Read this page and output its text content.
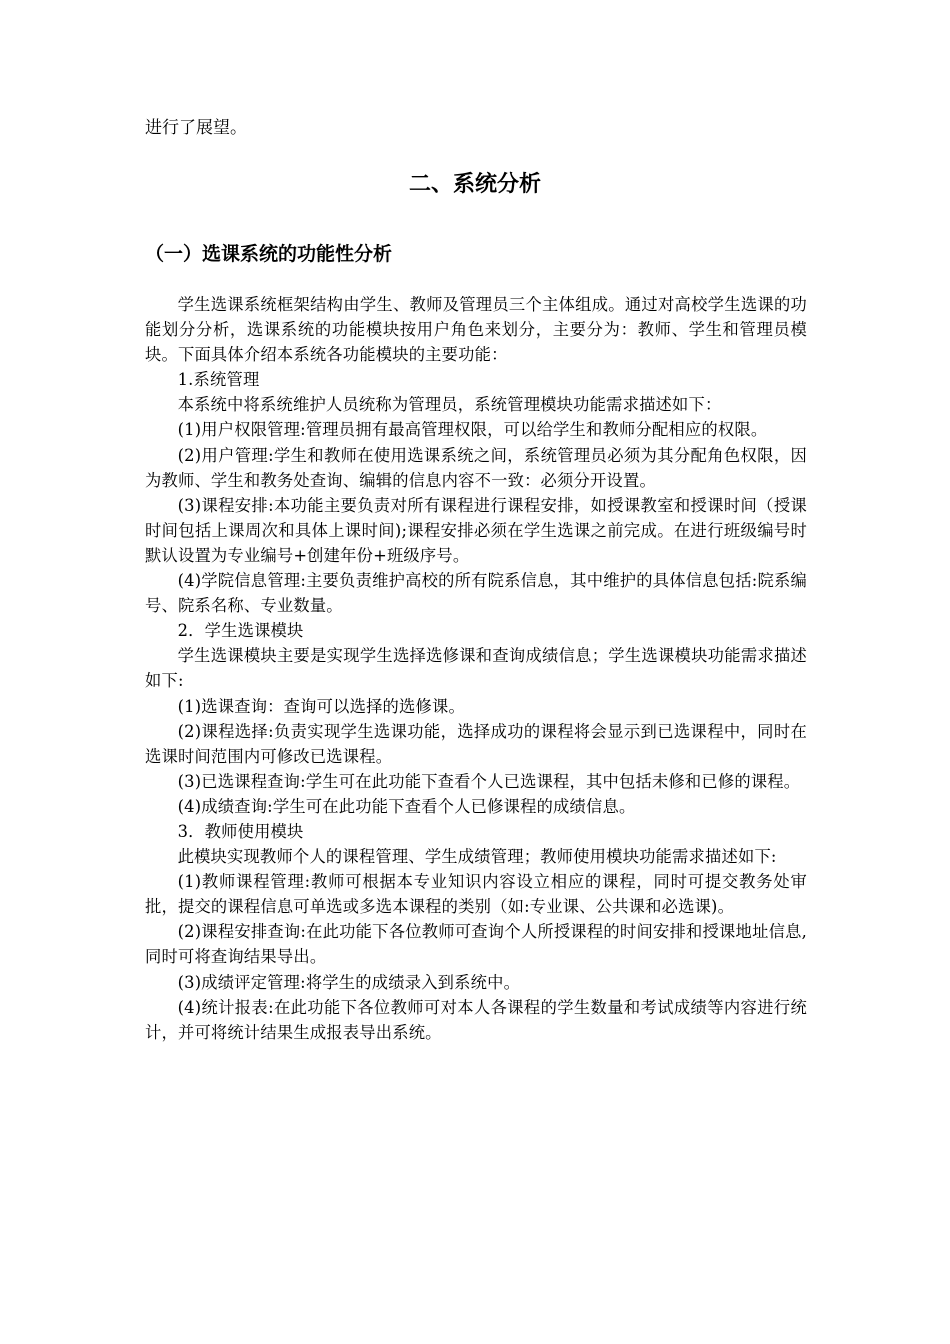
进行了展望。

二、系统分析
（一）选课系统的功能性分析

学生选课系统框架结构由学生、教师及管理员三个主体组成。通过对高校学生选课的功能划分分析，选课系统的功能模块按用户角色来划分，主要分为：教师、学生和管理员模块。下面具体介绍本系统各功能模块的主要功能：

1.系统管理

本系统中将系统维护人员统称为管理员，系统管理模块功能需求描述如下：

(1)用户权限管理:管理员拥有最高管理权限，可以给学生和教师分配相应的权限。

(2)用户管理:学生和教师在使用选课系统之间，系统管理员必须为其分配角色权限，因为教师、学生和教务处查询、编辑的信息内容不一致：必须分开设置。

(3)课程安排:本功能主要负责对所有课程进行课程安排，如授课教室和授课时间（授课时间包括上课周次和具体上课时间);课程安排必须在学生选课之前完成。在进行班级编号时默认设置为专业编号+创建年份+班级序号。

(4)学院信息管理:主要负责维护高校的所有院系信息，其中维护的具体信息包括:院系编号、院系名称、专业数量。

2．学生选课模块

学生选课模块主要是实现学生选择选修课和查询成绩信息；学生选课模块功能需求描述如下:

(1)选课查询：查询可以选择的选修课。

(2)课程选择:负责实现学生选课功能，选择成功的课程将会显示到已选课程中，同时在选课时间范围内可修改已选课程。

(3)已选课程查询:学生可在此功能下查看个人已选课程，其中包括未修和已修的课程。

(4)成绩查询:学生可在此功能下查看个人已修课程的成绩信息。

3．教师使用模块

此模块实现教师个人的课程管理、学生成绩管理；教师使用模块功能需求描述如下:

(1)教师课程管理:教师可根据本专业知识内容设立相应的课程，同时可提交教务处审批，提交的课程信息可单选或多选本课程的类别（如:专业课、公共课和必选课)。

(2)课程安排查询:在此功能下各位教师可查询个人所授课程的时间安排和授课地址信息,同时可将查询结果导出。

(3)成绩评定管理:将学生的成绩录入到系统中。

(4)统计报表:在此功能下各位教师可对本人各课程的学生数量和考试成绩等内容进行统计，并可将统计结果生成报表导出系统。
